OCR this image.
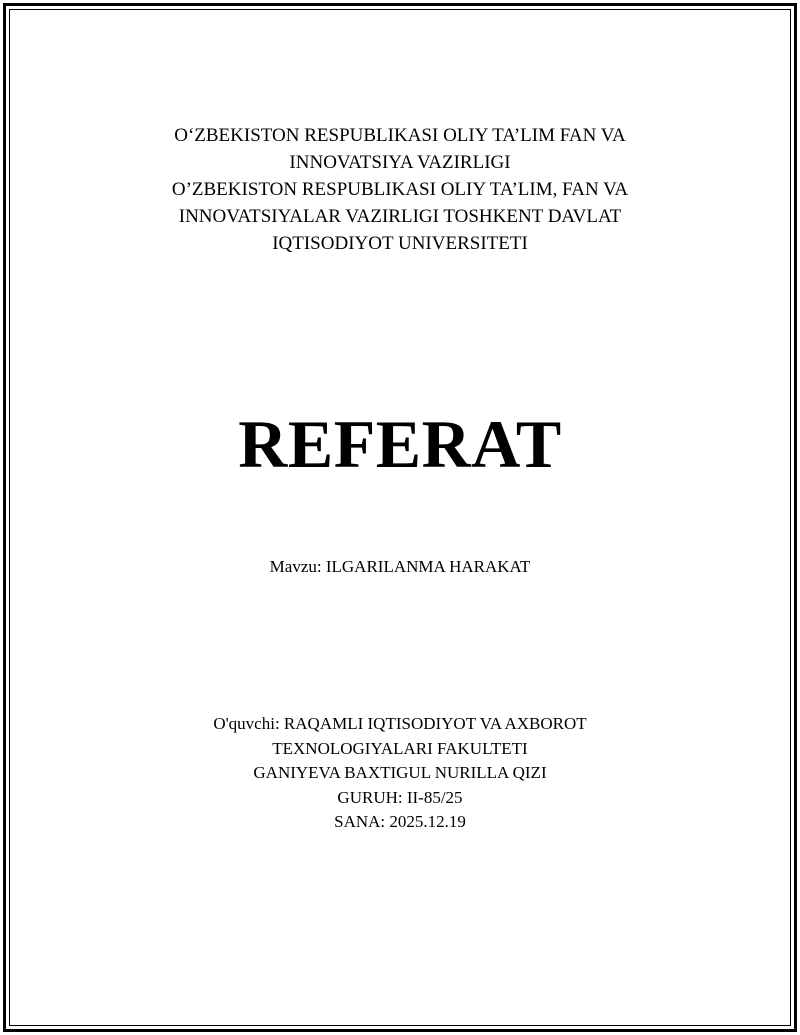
O‘ZBEKISTON RESPUBLIKASI OLIY TA’LIM FAN VA
INNOVATSIYA VAZIRLIGI
O’ZBEKISTON RESPUBLIKASI OLIY TA’LIM, FAN VA
INNOVATSIYALAR VAZIRLIGI TOSHKENT DAVLAT
IQTISODIYOT UNIVERSITETI
REFERAT
Mavzu: ILGARILANMA HARAKAT
O'quvchi: RAQAMLI IQTISODIYOT VA AXBOROT
TEXNOLOGIYALARI FAKULTETI
GANIYEVA BAXTIGUL NURILLA QIZI
GURUH: II-85/25
SANA: 2025.12.19
